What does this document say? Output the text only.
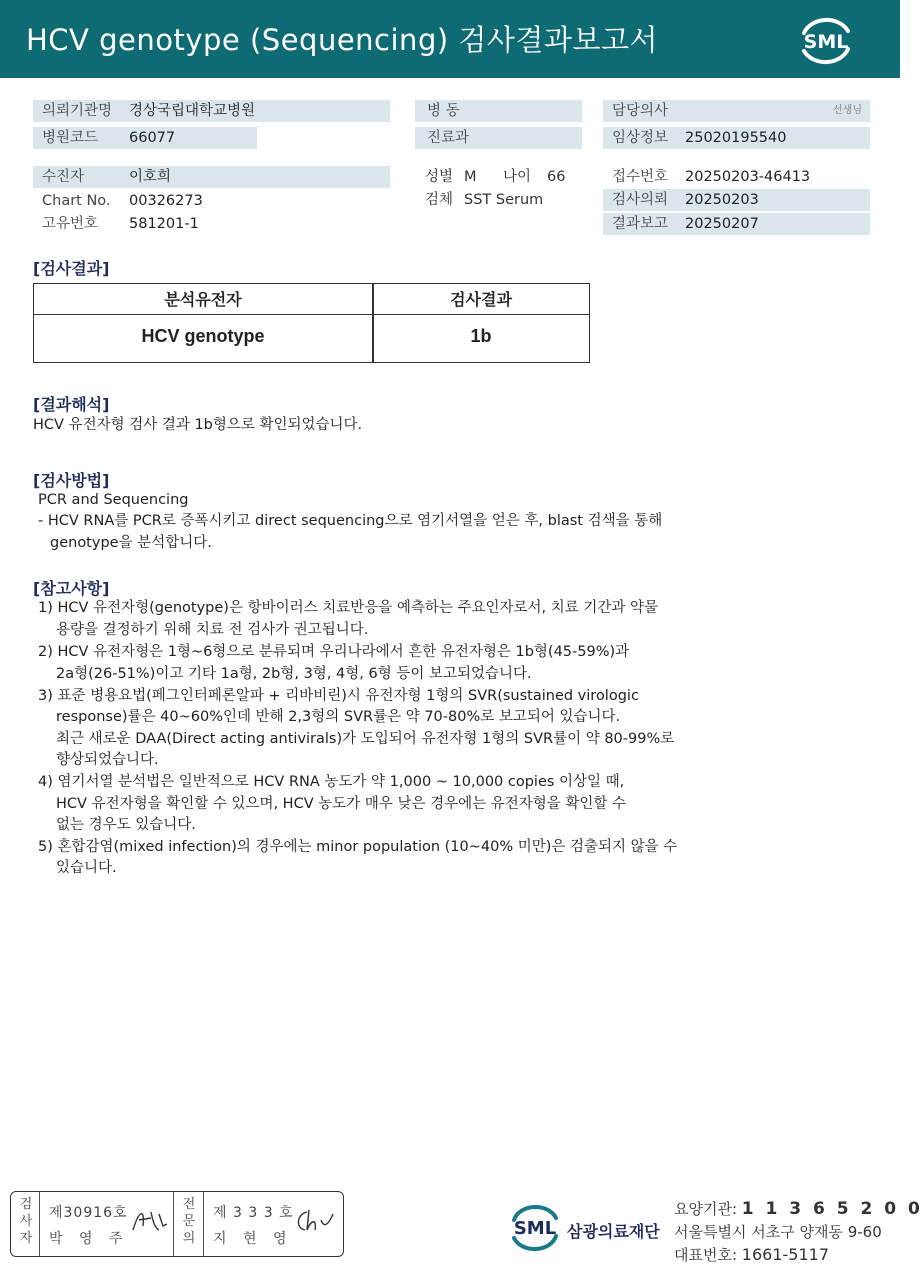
HCV genotype (Sequencing) 검사결과보고서	SML
의뢰기관명 경상국립대학교병원
병원코드 66077
병 동
진료과
담당의사	선생님
임상정보 25020195540
수진자	이호희
Chart No. 00326273
고유번호 581201-1
성별 M 나이 66
검체 SST Serum
접수번호 20250203-46413
검사의뢰 20250203
결과보고 20250207
[검사결과]
분석유전자	검사결과
HCV genotype	1b
[결과해석]
HCV 유전자형 검사 결과 1b형으로 확인되었습니다.
[검사방법]
PCR and Sequencing
- HCV RNA를 PCR로 증폭시키고 direct sequencing으로 염기서열을 얻은 후, blast 검색을 통해
genotype을 분석합니다.
[참고사항]
1) HCV 유전자형(genotype)은 항바이러스 치료반응을 예측하는 주요인자로서, 치료 기간과 약물
용량을 결정하기 위해 치료 전 검사가 권고됩니다.
2) HCV 유전자형은 1형~6형으로 분류되며 우리나라에서 흔한 유전자형은 1b형(45-59%)과
2a형(26-51%)이고 기타 1a형, 2b형, 3형, 4형, 6형 등이 보고되었습니다.
3) 표준 병용요법(페그인터페론알파 + 리바비린)시 유전자형 1형의 SVR(sustained virologic
response)률은 40~60%인데 반해 2,3형의 SVR률은 약 70-80%로 보고되어 있습니다.
최근 새로운 DAA(Direct acting antivirals)가 도입되어 유전자형 1형의 SVR률이 약 80-99%로
향상되었습니다.
4) 염기서열 분석법은 일반적으로 HCV RNA 농도가 약 1,000 ~ 10,000 copies 이상일 때,
HCV 유전자형을 확인할 수 있으며, HCV 농도가 매우 낮은 경우에는 유전자형을 확인할 수
없는 경우도 있습니다.
5) 혼합감염(mixed infection)의 경우에는 minor population (10~40% 미만)은 검출되지 않을 수
있습니다.
검
사
자
제30916호
박 영 주
전
문
의
제 3 3 3 호
지 현 영	SML 삼광의료재단
요양기관: 1 1 3 6 5 2 0 0
서울특별시 서초구 양재동 9-60
대표번호: 1661-5117
